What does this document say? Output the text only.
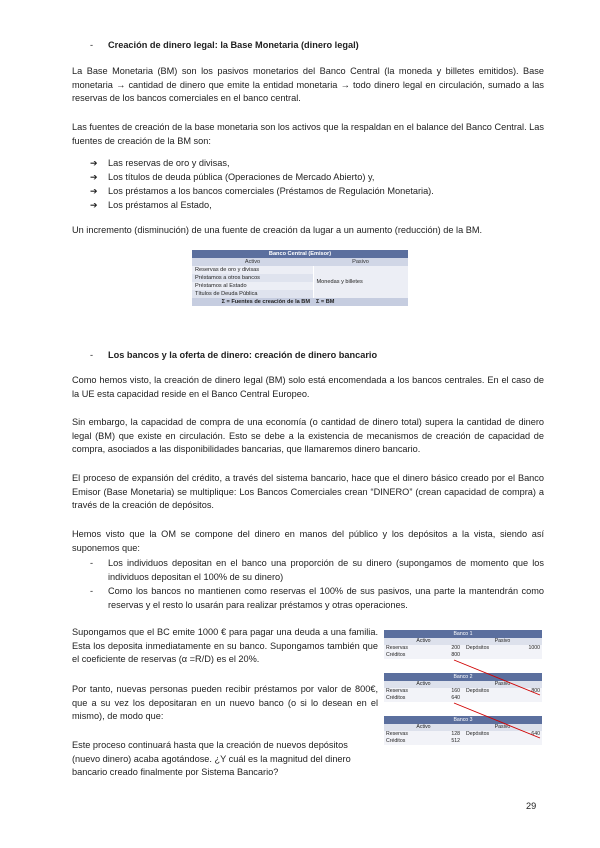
- Creación de dinero legal: la Base Monetaria (dinero legal)
La Base Monetaria (BM) son los pasivos monetarios del Banco Central (la moneda y billetes emitidos). Base monetaria → cantidad de dinero que emite la entidad monetaria → todo dinero legal en circulación, sumado a las reservas de los bancos comerciales en el banco central.
Las fuentes de creación de la base monetaria son los activos que la respaldan en el balance del Banco Central. Las fuentes de creación de la BM son:
➔ Las reservas de oro y divisas,
➔ Los títulos de deuda pública (Operaciones de Mercado Abierto) y,
➔ Los préstamos a los bancos comerciales (Préstamos de Regulación Monetaria).
➔ Los préstamos al Estado,
Un incremento (disminución) de una fuente de creación da lugar a un aumento (reducción) de la BM.
Banco Central (Emisor)	
Activo	Pasivo
Reservas de oro y divisas	Monedas y billetes
Préstamos a otros bancos	
Préstamos al Estado	
Títulos de Deuda Pública	
Σ = Fuentes de creación de la BM	Σ = BM
- Los bancos y la oferta de dinero: creación de dinero bancario
Como hemos visto, la creación de dinero legal (BM) solo está encomendada a los bancos centrales. En el caso de la UE esta capacidad reside en el Banco Central Europeo.
Sin embargo, la capacidad de compra de una economía (o cantidad de dinero total) supera la cantidad de dinero legal (BM) que existe en circulación. Esto se debe a la existencia de mecanismos de creación de capacidad de compra, asociados a las disponibilidades bancarias, que llamaremos dinero bancario.
El proceso de expansión del crédito, a través del sistema bancario, hace que el dinero básico creado por el Banco Emisor (Base Monetaria) se multiplique: Los Bancos Comerciales crean “DINERO” (crean capacidad de compra) a través de la creación de depósitos.
Hemos visto que la OM se compone del dinero en manos del público y los depósitos a la vista, siendo así suponemos que:
- Los individuos depositan en el banco una proporción de su dinero (supongamos de momento que los individuos depositan el 100% de su dinero)
- Como los bancos no mantienen como reservas el 100% de sus pasivos, una parte la mantendrán como reservas y el resto lo usarán para realizar préstamos y otras operaciones.
Supongamos que el BC emite 1000 € para pagar una deuda a una familia. Esta los deposita inmediatamente en su banco. Supongamos también que el coeficiente de reservas (α =R/D) es el 20%.
Por tanto, nuevas personas pueden recibir préstamos por valor de 800€, que a su vez los depositaran en un nuevo banco (o si lo desean en el mismo), de modo que:
Este proceso continuará hasta que la creación de nuevos depósitos (nuevo dinero) acaba agotándose. ¿Y cuál es la magnitud del dinero bancario creado finalmente por Sistema Bancario?
Banco 1
Activo	Pasivo
Reservas	200	Depósitos	1000
Créditos	800
Banco 2
Activo	Pasivo
Reservas	160	Depósitos	800
Créditos	640
Banco 3
Activo	Pasivo
Reservas	128	Depósitos	640
Créditos	512
29
